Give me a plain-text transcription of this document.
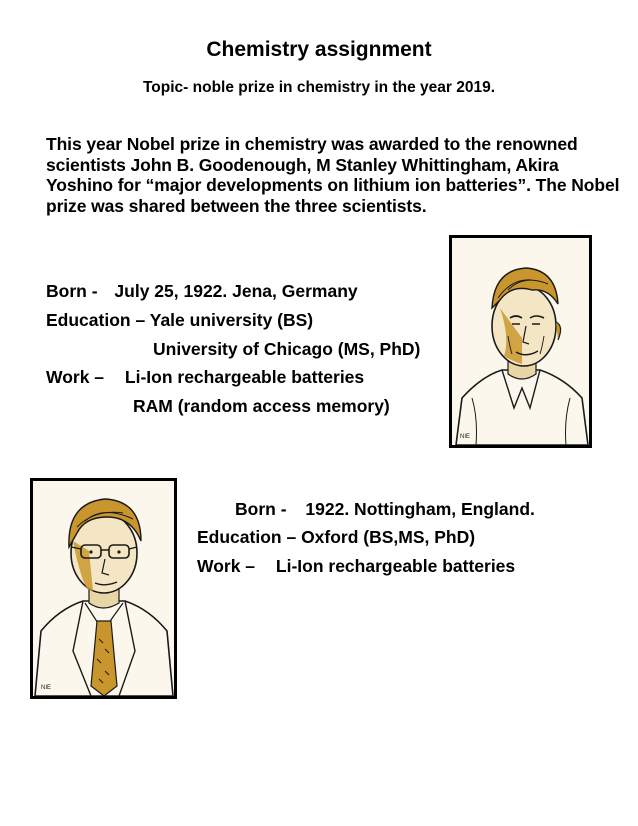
Chemistry assignment
Topic- noble prize in chemistry in the year 2019.
This year Nobel prize in chemistry was awarded to the renowned scientists John B. Goodenough, M Stanley Whittingham, Akira Yoshino for “major developments on lithium ion batteries”. The Nobel prize was shared between the three scientists.
Born - July 25, 1922. Jena, Germany
Education – Yale university (BS)
University of Chicago (MS, PhD)
Work – Li-Ion rechargeable batteries
RAM (random access memory)
NIE
NIE
Born - 1922. Nottingham, England.
Education – Oxford (BS,MS, PhD)
Work – Li-Ion rechargeable batteries
